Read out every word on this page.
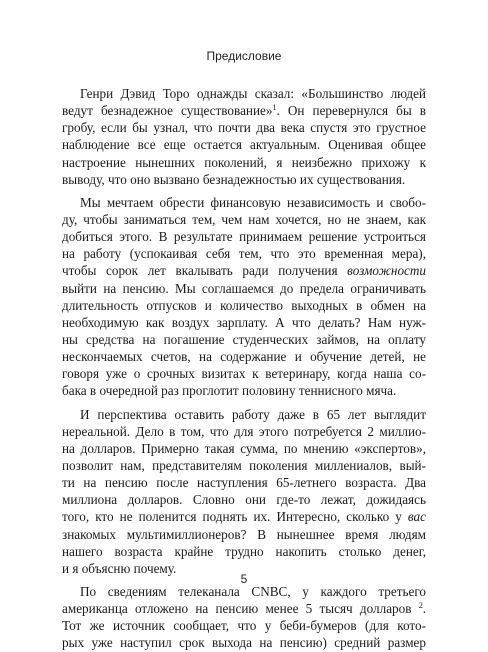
Предисловие
Генри Дэвид Торо однажды сказал: «Большинство людей
ведут безнадежное существование»$^1$. Он перевернулся бы в
гробу, если бы узнал, что почти два века спустя это грустное
наблюдение все еще остается актуальным. Оценивая общее
настроение нынешних поколений, я неизбежно прихожу к
выводу, что оно вызвано безнадежностью их существования.
Мы мечтаем обрести финансовую независимость и свобо-
ду, чтобы заниматься тем, чем нам хочется, но не знаем, как
добиться этого. В результате принимаем решение устроиться
на работу (успокаивая себя тем, что это временная мера),
чтобы сорок лет вкалывать ради получения возможности
выйти на пенсию. Мы соглашаемся до предела ограничивать
длительность отпусков и количество выходных в обмен на
необходимую как воздух зарплату. А что делать? Нам нуж-
ны средства на погашение студенческих займов, на оплату
нескончаемых счетов, на содержание и обучение детей, не
говоря уже о срочных визитах к ветеринару, когда наша со-
бака в очередной раз проглотит половину теннисного мяча.
И перспектива оставить работу даже в 65 лет выглядит
нереальной. Дело в том, что для этого потребуется 2 миллио-
на долларов. Примерно такая сумма, по мнению «экспертов»,
позволит нам, представителям поколения миллениалов, вый-
ти на пенсию после наступления 65-летнего возраста. Два
миллиона долларов. Словно они где-то лежат, дожидаясь
того, кто не поленится поднять их. Интересно, сколько у вас
знакомых мультимиллионеров? В нынешнее время людям
нашего возраста крайне трудно накопить столько денег,
и я объясню почему.
По сведениям телеканала CNBC, у каждого третьего
американца отложено на пенсию менее 5 тысяч долларов $^2$.
Тот же источник сообщает, что у беби-бумеров (для кото-
рых уже наступил срок выхода на пенсию) средний размер
5
